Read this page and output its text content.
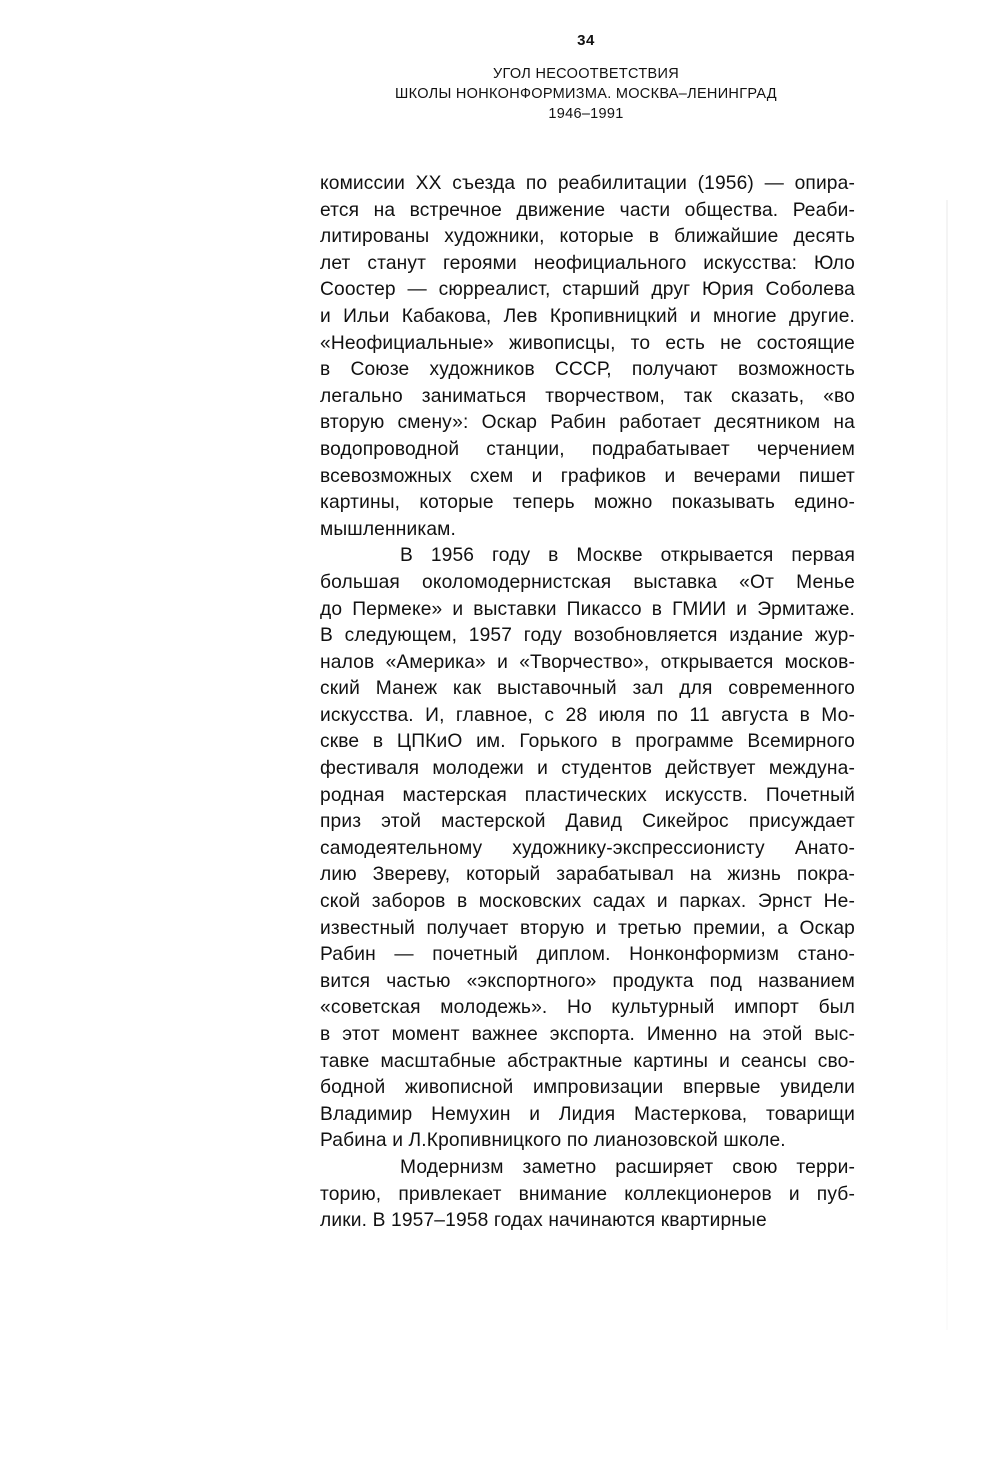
34
УГОЛ НЕСООТВЕТСТВИЯ
ШКОЛЫ НОНКОНФОРМИЗМА. МОСКВА–ЛЕНИНГРАД
1946–1991
комиссии XX съезда по реабилитации (1956) — опира-
ется на встречное движение части общества. Реаби-
литированы художники, которые в ближайшие десять
лет станут героями неофициального искусства: Юло
Соостер — сюрреалист, старший друг Юрия Соболева
и Ильи Кабакова, Лев Кропивницкий и многие другие.
«Неофициальные» живописцы, то есть не состоящие
в Союзе художников СССР, получают возможность
легально заниматься творчеством, так сказать, «во
вторую смену»: Оскар Рабин работает десятником на
водопроводной станции, подрабатывает черчением
всевозможных схем и графиков и вечерами пишет
картины, которые теперь можно показывать едино-
мышленникам.
В 1956 году в Москве открывается первая
большая околомодернистская выставка «От Менье
до Пермеке» и выставки Пикассо в ГМИИ и Эрмитаже.
В следующем, 1957 году возобновляется издание жур-
налов «Америка» и «Творчество», открывается москов-
ский Манеж как выставочный зал для современного
искусства. И, главное, с 28 июля по 11 августа в Мо-
скве в ЦПКиО им. Горького в программе Всемирного
фестиваля молодежи и студентов действует междуна-
родная мастерская пластических искусств. Почетный
приз этой мастерской Давид Сикейрос присуждает
самодеятельному художнику-экспрессионисту Анато-
лию Звереву, который зарабатывал на жизнь покра-
ской заборов в московских садах и парках. Эрнст Не-
известный получает вторую и третью премии, а Оскар
Рабин — почетный диплом. Нонконформизм стано-
вится частью «экспортного» продукта под названием
«советская молодежь». Но культурный импорт был
в этот момент важнее экспорта. Именно на этой выс-
тавке масштабные абстрактные картины и сеансы сво-
бодной живописной импровизации впервые увидели
Владимир Немухин и Лидия Мастеркова, товарищи
Рабина и Л.Кропивницкого по лианозовской школе.
Модернизм заметно расширяет свою терри-
торию, привлекает внимание коллекционеров и пуб-
лики. В 1957–1958 годах начинаются квартирные
